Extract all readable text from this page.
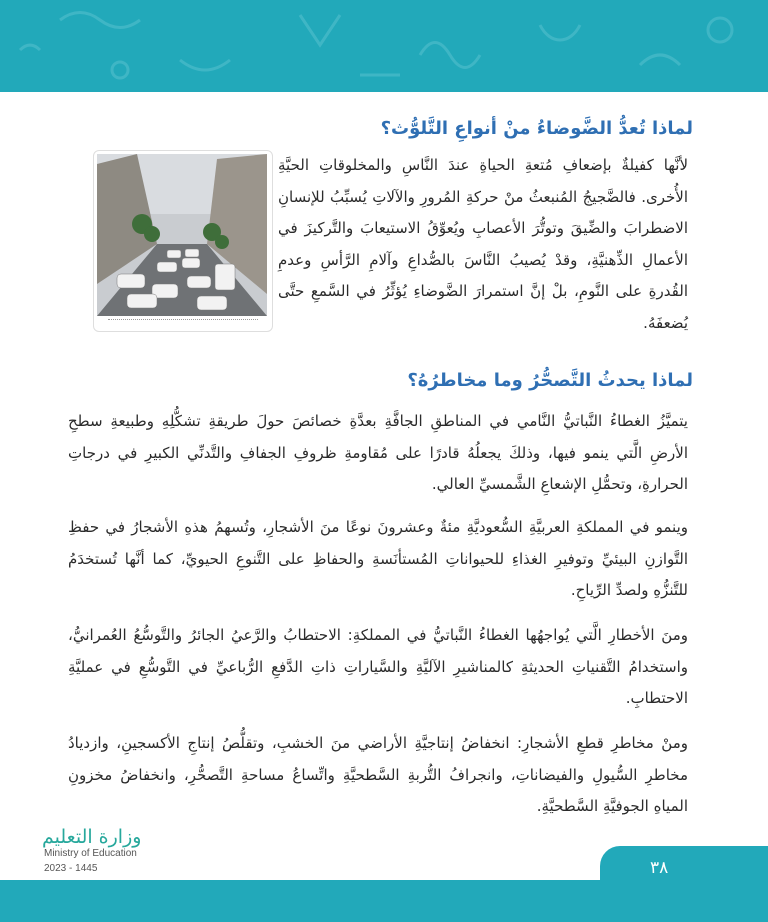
لماذا تُعدُّ الضَّوضاءُ منْ أنواعِ التَّلوُّث؟
لأنَّها كفيلةٌ بإضعافِ مُتعةِ الحياةِ عندَ النَّاسِ والمخلوقاتِ الحيَّةِ الأُخرى. فالضَّجيجُ المُنبعثُ منْ حركةِ المُرورِ والآلاتِ يُسبِّبُ للإنسانِ الاضطرابَ والضِّيقَ وتوتُّرَ الأعصابِ ويُعوِّقُ الاستيعابَ والتَّركيزَ في الأعمالِ الذِّهنيَّةِ، وقدْ يُصيبُ النَّاسَ بالصُّداعِ وآلامِ الرَّأسِ وعدمِ القُدرةِ على النَّومِ، بلْ إنَّ استمرارَ الضَّوضاءِ يُؤثِّرُ في السَّمعِ حتَّى يُضعفَهُ.
لماذا يحدثُ التَّصحُّرُ وما مخاطرُهُ؟
يتميَّزُ الغطاءُ النَّباتيُّ النَّامي في المناطقِ الجافَّةِ بعدَّةِ خصائصَ حولَ طريقةِ تشكُّلِهِ وطبيعةِ سطحِ الأرضِ الَّتي ينمو فيها، وذلكَ يجعلُهُ قادرًا على مُقاومةِ ظروفِ الجفافِ والتَّدنِّي الكبيرِ في درجاتِ الحرارةِ، وتحمُّلِ الإشعاعِ الشَّمسيِّ العالي.
وينمو في المملكةِ العربيَّةِ السُّعوديَّةِ مئةٌ وعشرونَ نوعًا منَ الأشجارِ، وتُسهمُ هذهِ الأشجارُ في حفظِ التَّوازنِ البيئيِّ وتوفيرِ الغذاءِ للحيواناتِ المُستأنَسةِ والحفاظِ على التَّنوعِ الحيويِّ، كما أنَّها تُستخدَمُ للتَّنزُّهِ ولصدِّ الرِّياحِ.
ومنَ الأخطارِ الَّتي يُواجهُها الغطاءُ النَّباتيُّ في المملكةِ: الاحتطابُ والرَّعيُ الجائرُ والتَّوسُّعُ العُمرانيُّ، واستخدامُ التَّقنياتِ الحديثةِ كالمناشيرِ الآليَّةِ والسَّياراتِ ذاتِ الدَّفعِ الرُّباعيِّ في التَّوسُّعِ في عمليَّةِ الاحتطابِ.
ومنْ مخاطرِ قطعِ الأشجارِ: انخفاضُ إنتاجيَّةِ الأراضي منَ الخشبِ، وتقلُّصُ إنتاجِ الأكسجينِ، وازديادُ مخاطرِ السُّيولِ والفيضاناتِ، وانجرافُ التُّربةِ السَّطحيَّةِ واتِّساعُ مساحةِ التَّصحُّرِ، وانخفاضُ مخزونِ المياهِ الجوفيَّةِ السَّطحيَّةِ.
وزارة التعليم
Ministry of Education
2023 - 1445	٣٨
